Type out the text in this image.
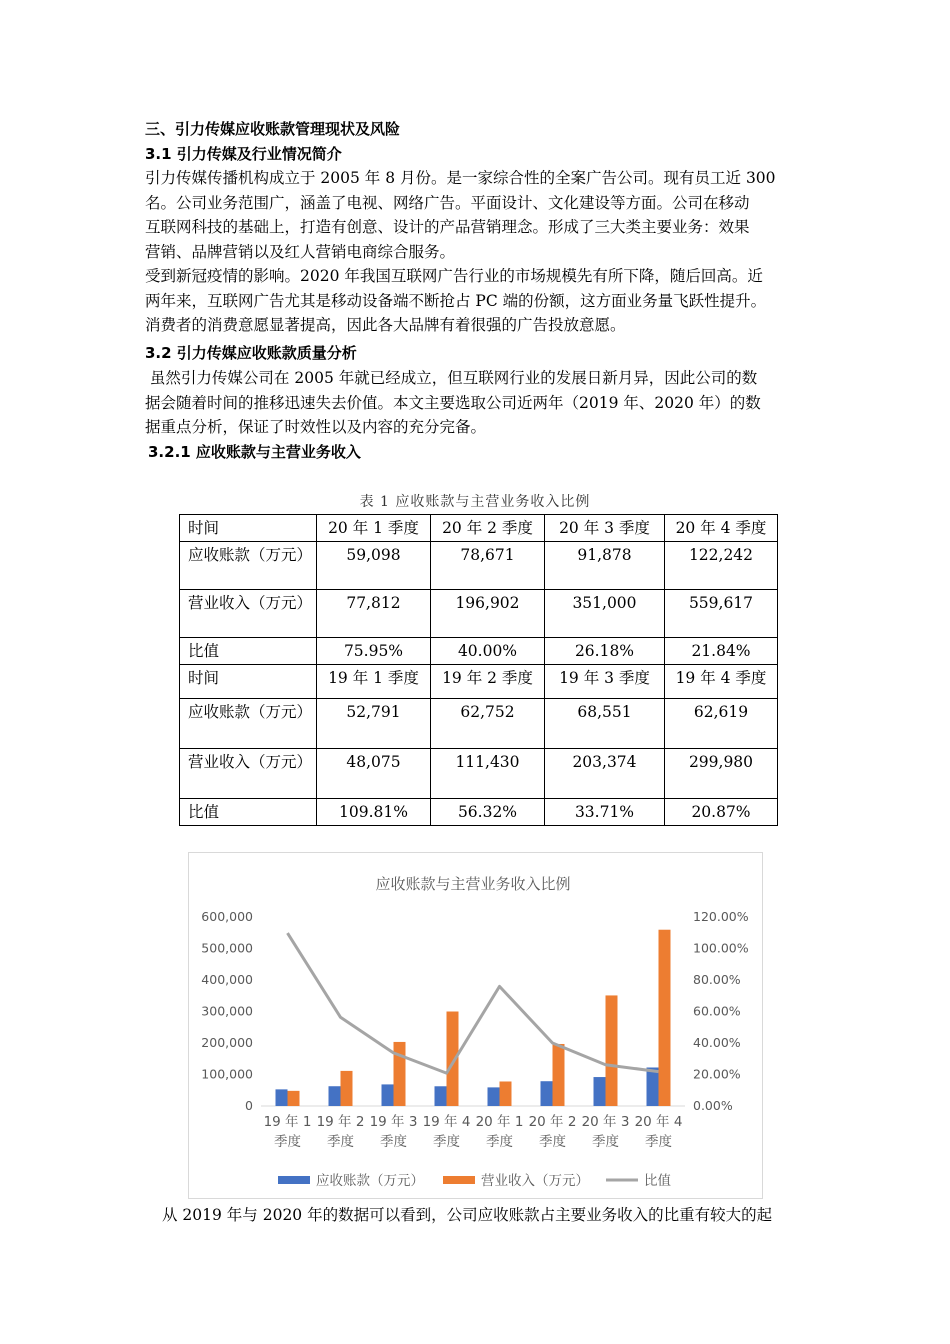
三、引力传媒应收账款管理现状及风险
3.1 引力传媒及行业情况简介
引力传媒传播机构成立于 2005 年 8 月份。是一家综合性的全案广告公司。现有员工近 300
名。公司业务范围广，涵盖了电视、网络广告。平面设计、文化建设等方面。公司在移动
互联网科技的基础上，打造有创意、设计的产品营销理念。形成了三大类主要业务：效果
营销、品牌营销以及红人营销电商综合服务。
受到新冠疫情的影响。2020 年我国互联网广告行业的市场规模先有所下降，随后回高。近
两年来，互联网广告尤其是移动设备端不断抢占 PC 端的份额，这方面业务量飞跃性提升。
消费者的消费意愿显著提高，因此各大品牌有着很强的广告投放意愿。
3.2 引力传媒应收账款质量分析
虽然引力传媒公司在 2005 年就已经成立，但互联网行业的发展日新月异，因此公司的数
据会随着时间的推移迅速失去价值。本文主要选取公司近两年（2019 年、2020 年）的数
据重点分析，保证了时效性以及内容的充分完备。
3.2.1 应收账款与主营业务收入
表 1 应收账款与主营业务收入比例
时间	20 年 1 季度	20 年 2 季度	20 年 3 季度	20 年 4 季度
应收账款（万元）	59,098	78,671	91,878	122,242
营业收入（万元）	77,812	196,902	351,000	559,617
比值	75.95%	40.00%	26.18%	21.84%
时间	19 年 1 季度	19 年 2 季度	19 年 3 季度	19 年 4 季度
应收账款（万元）	52,791	62,752	68,551	62,619
营业收入（万元）	48,075	111,430	203,374	299,980
比值	109.81%	56.32%	33.71%	20.87%
应收账款与主营业务收入比例
0
100,000
200,000
300,000
400,000
500,000
600,000
0.00%
20.00%
40.00%
60.00%
80.00%
100.00%
120.00%
19 年 1
季度
19 年 2
季度
19 年 3
季度
19 年 4
季度
20 年 1
季度
20 年 2
季度
20 年 3
季度
20 年 4
季度
应收账款（万元）	营业收入（万元）	比值
从 2019 年与 2020 年的数据可以看到，公司应收账款占主要业务收入的比重有较大的起
